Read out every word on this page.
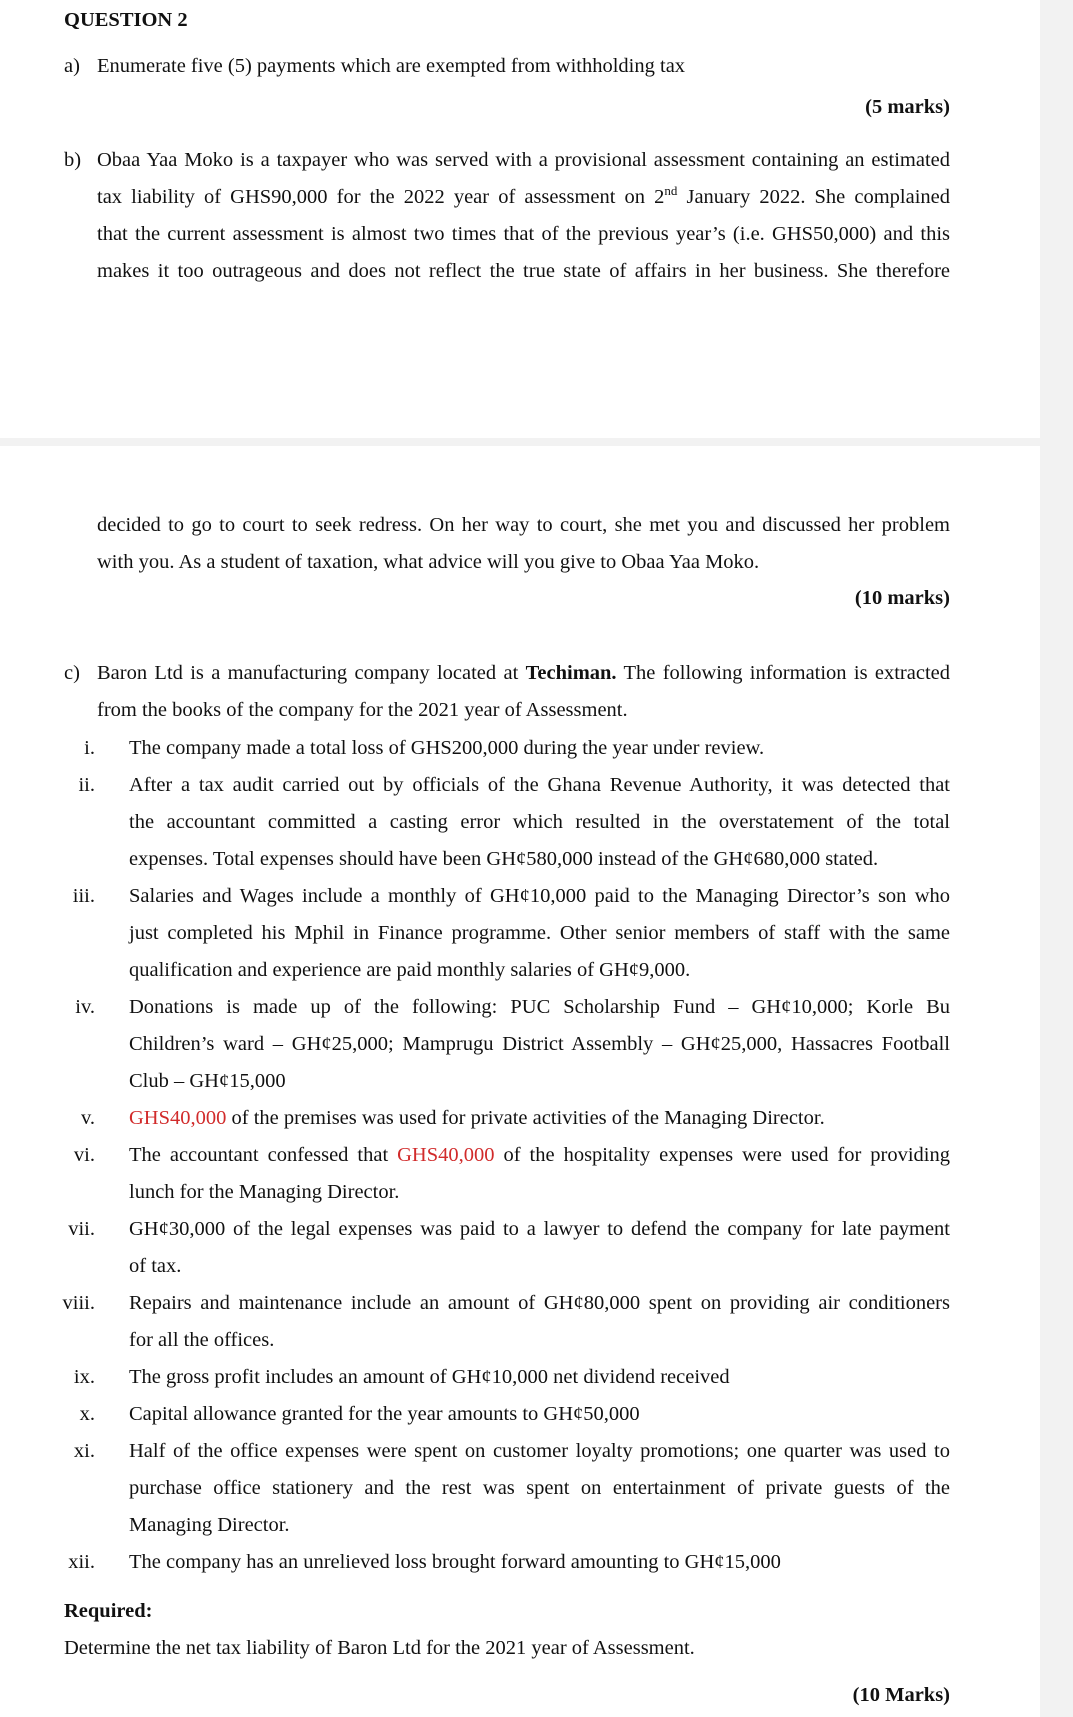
QUESTION 2
a) Enumerate five (5) payments which are exempted from withholding tax
(5 marks)
b) Obaa Yaa Moko is a taxpayer who was served with a provisional assessment containing an estimated
tax liability of GHS90,000 for the 2022 year of assessment on 2nd January 2022. She complained
that the current assessment is almost two times that of the previous year’s (i.e. GHS50,000) and this
makes it too outrageous and does not reflect the true state of affairs in her business. She therefore
decided to go to court to seek redress. On her way to court, she met you and discussed her problem
with you. As a student of taxation, what advice will you give to Obaa Yaa Moko.
(10 marks)
c) Baron Ltd is a manufacturing company located at Techiman. The following information is extracted
from the books of the company for the 2021 year of Assessment.
i. The company made a total loss of GHS200,000 during the year under review.
ii. After a tax audit carried out by officials of the Ghana Revenue Authority, it was detected that
the accountant committed a casting error which resulted in the overstatement of the total
expenses. Total expenses should have been GH¢580,000 instead of the GH¢680,000 stated.
iii. Salaries and Wages include a monthly of GH¢10,000 paid to the Managing Director’s son who
just completed his Mphil in Finance programme. Other senior members of staff with the same
qualification and experience are paid monthly salaries of GH¢9,000.
iv. Donations is made up of the following: PUC Scholarship Fund – GH¢10,000; Korle Bu
Children’s ward – GH¢25,000; Mamprugu District Assembly – GH¢25,000, Hassacres Football
Club – GH¢15,000
v. GHS40,000 of the premises was used for private activities of the Managing Director.
vi. The accountant confessed that GHS40,000 of the hospitality expenses were used for providing
lunch for the Managing Director.
vii. GH¢30,000 of the legal expenses was paid to a lawyer to defend the company for late payment
of tax.
viii. Repairs and maintenance include an amount of GH¢80,000 spent on providing air conditioners
for all the offices.
ix. The gross profit includes an amount of GH¢10,000 net dividend received
x. Capital allowance granted for the year amounts to GH¢50,000
xi. Half of the office expenses were spent on customer loyalty promotions; one quarter was used to
purchase office stationery and the rest was spent on entertainment of private guests of the
Managing Director.
xii. The company has an unrelieved loss brought forward amounting to GH¢15,000
Required:
Determine the net tax liability of Baron Ltd for the 2021 year of Assessment.
(10 Marks)
